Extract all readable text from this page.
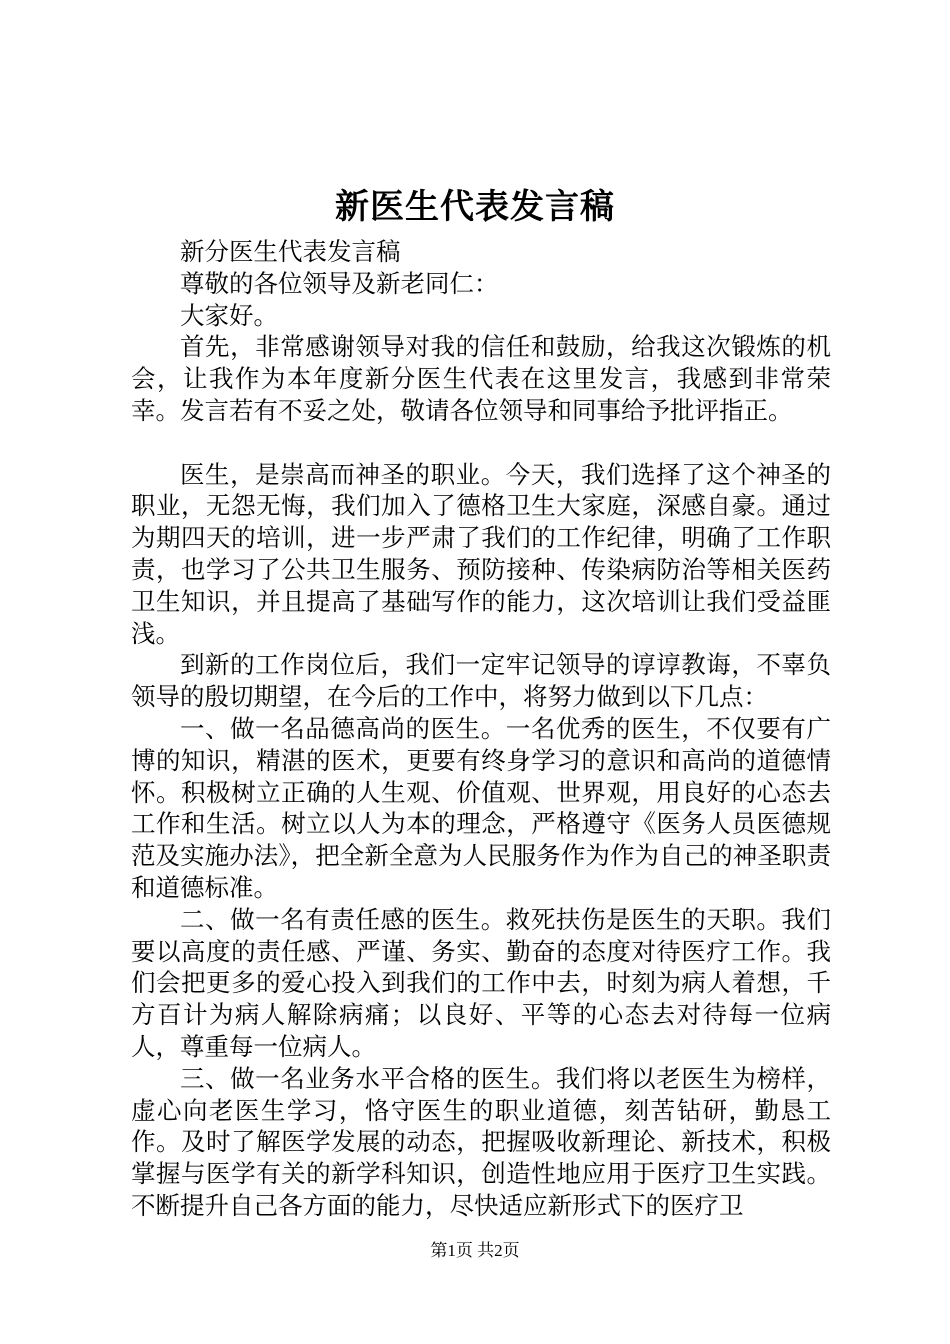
新医生代表发言稿

新分医生代表发言稿

尊敬的各位领导及新老同仁：

大家好。

首先，非常感谢领导对我的信任和鼓励，给我这次锻炼的机会，让我作为本年度新分医生代表在这里发言，我感到非常荣幸。发言若有不妥之处，敬请各位领导和同事给予批评指正。

医生，是崇高而神圣的职业。今天，我们选择了这个神圣的职业，无怨无悔，我们加入了德格卫生大家庭，深感自豪。通过为期四天的培训，进一步严肃了我们的工作纪律，明确了工作职责，也学习了公共卫生服务、预防接种、传染病防治等相关医药卫生知识，并且提高了基础写作的能力，这次培训让我们受益匪浅。

到新的工作岗位后，我们一定牢记领导的谆谆教诲，不辜负领导的殷切期望，在今后的工作中，将努力做到以下几点：

一、做一名品德高尚的医生。一名优秀的医生，不仅要有广博的知识，精湛的医术，更要有终身学习的意识和高尚的道德情怀。积极树立正确的人生观、价值观、世界观，用良好的心态去工作和生活。树立以人为本的理念，严格遵守《医务人员医德规范及实施办法》，把全新全意为人民服务作为作为自己的神圣职责和道德标准。

二、做一名有责任感的医生。救死扶伤是医生的天职。我们要以高度的责任感、严谨、务实、勤奋的态度对待医疗工作。我们会把更多的爱心投入到我们的工作中去，时刻为病人着想，千方百计为病人解除病痛；以良好、平等的心态去对待每一位病人，尊重每一位病人。

三、做一名业务水平合格的医生。我们将以老医生为榜样，虚心向老医生学习，恪守医生的职业道德，刻苦钻研，勤恳工作。及时了解医学发展的动态，把握吸收新理论、新技术，积极掌握与医学有关的新学科知识，创造性地应用于医疗卫生实践。不断提升自己各方面的能力，尽快适应新形式下的医疗卫

第1页 共2页
